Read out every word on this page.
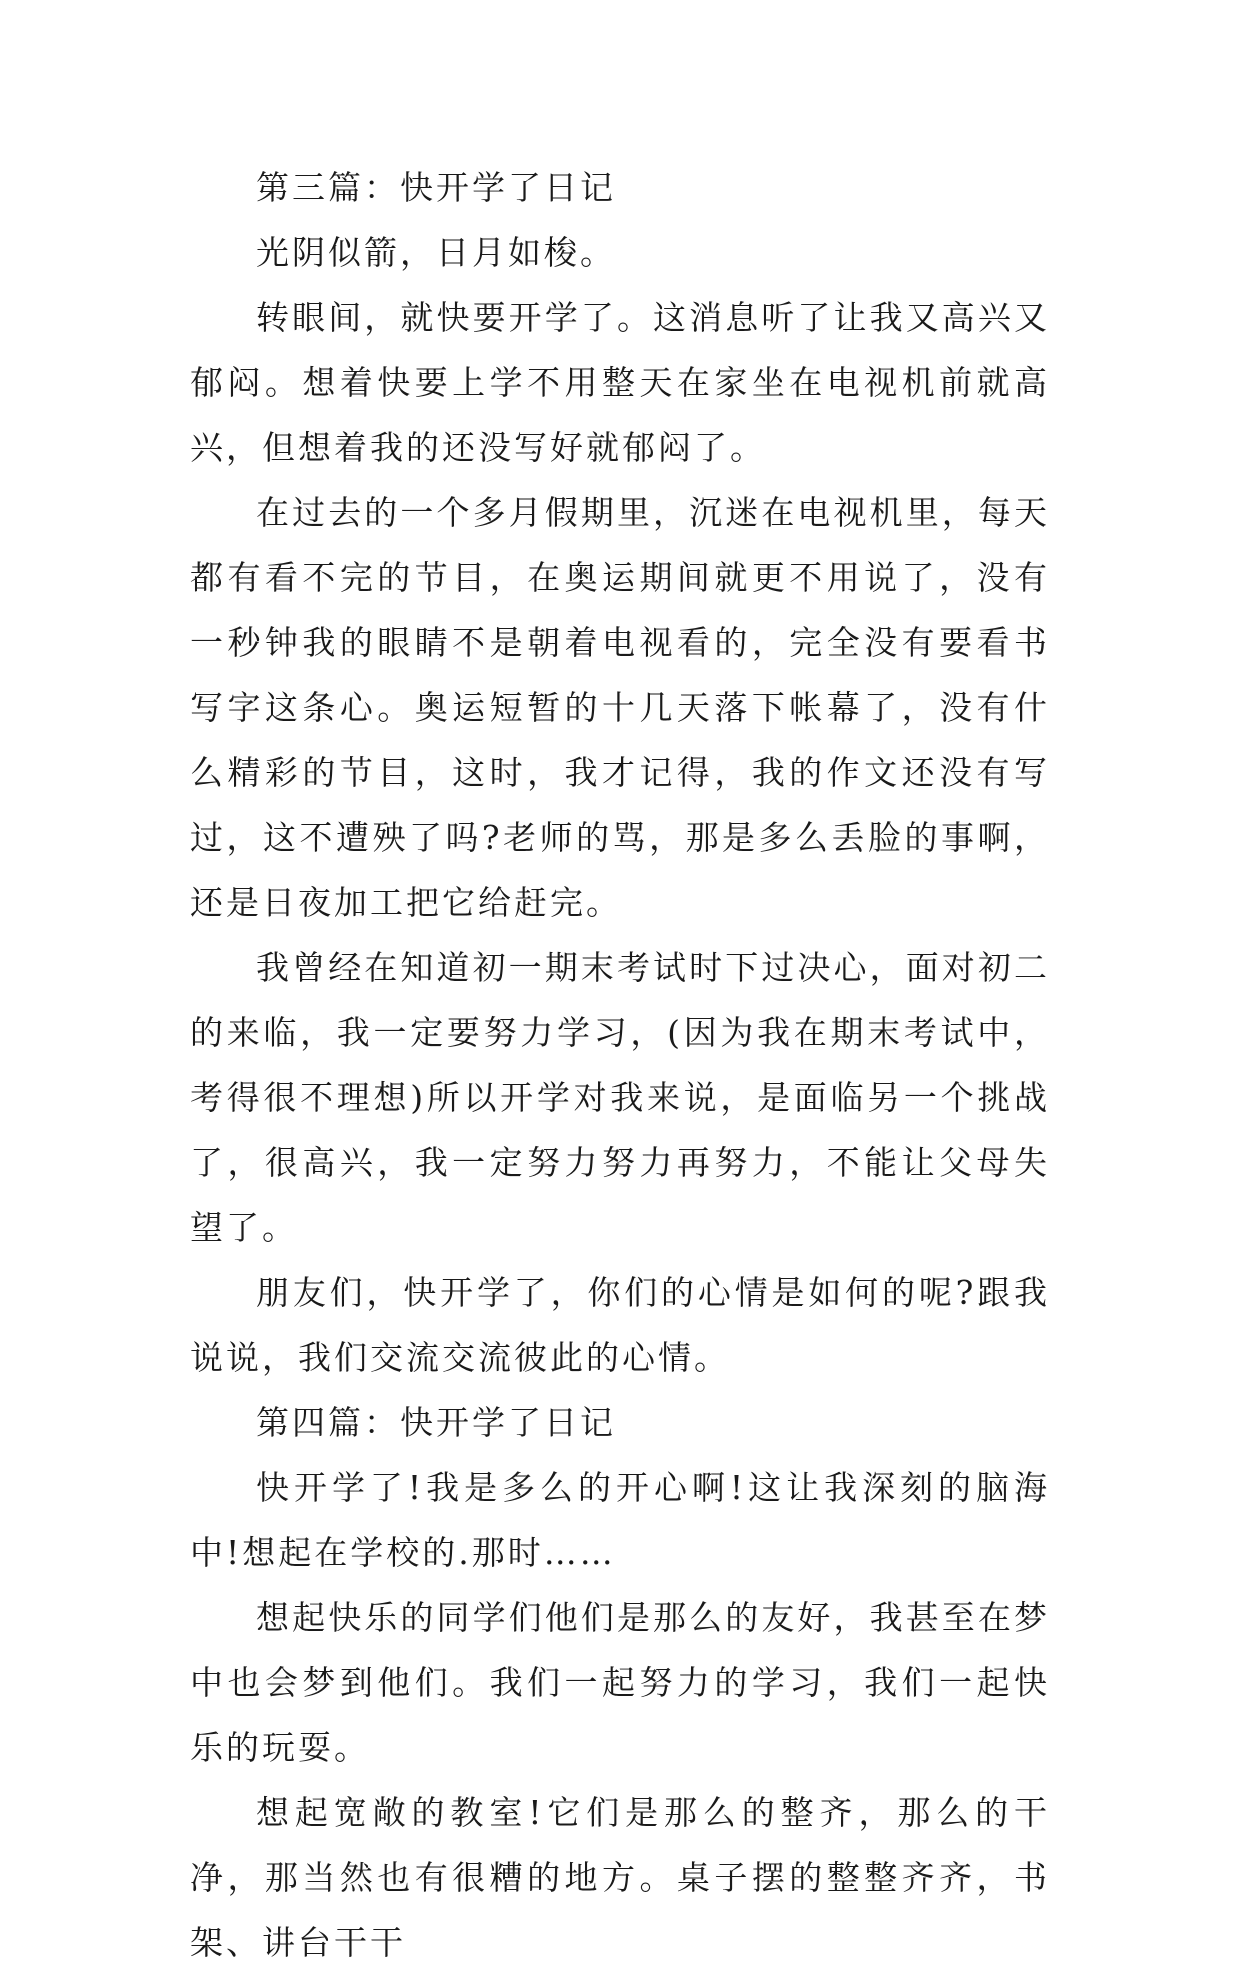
第三篇：快开学了日记

光阴似箭，日月如梭。

转眼间，就快要开学了。这消息听了让我又高兴又郁闷。想着快要上学不用整天在家坐在电视机前就高兴，但想着我的还没写好就郁闷了。

在过去的一个多月假期里，沉迷在电视机里，每天都有看不完的节目，在奥运期间就更不用说了，没有一秒钟我的眼睛不是朝着电视看的，完全没有要看书写字这条心。奥运短暂的十几天落下帐幕了，没有什么精彩的节目，这时，我才记得，我的作文还没有写过，这不遭殃了吗?老师的骂，那是多么丢脸的事啊，还是日夜加工把它给赶完。

我曾经在知道初一期末考试时下过决心，面对初二的来临，我一定要努力学习，(因为我在期末考试中，考得很不理想)所以开学对我来说，是面临另一个挑战了，很高兴，我一定努力努力再努力，不能让父母失望了。

朋友们，快开学了，你们的心情是如何的呢?跟我说说，我们交流交流彼此的心情。

第四篇：快开学了日记

快开学了!我是多么的开心啊!这让我深刻的脑海中!想起在学校的.那时……

想起快乐的同学们他们是那么的友好，我甚至在梦中也会梦到他们。我们一起努力的学习，我们一起快乐的玩耍。

想起宽敞的教室!它们是那么的整齐，那么的干净，那当然也有很糟的地方。桌子摆的整整齐齐，书架、讲台干干
